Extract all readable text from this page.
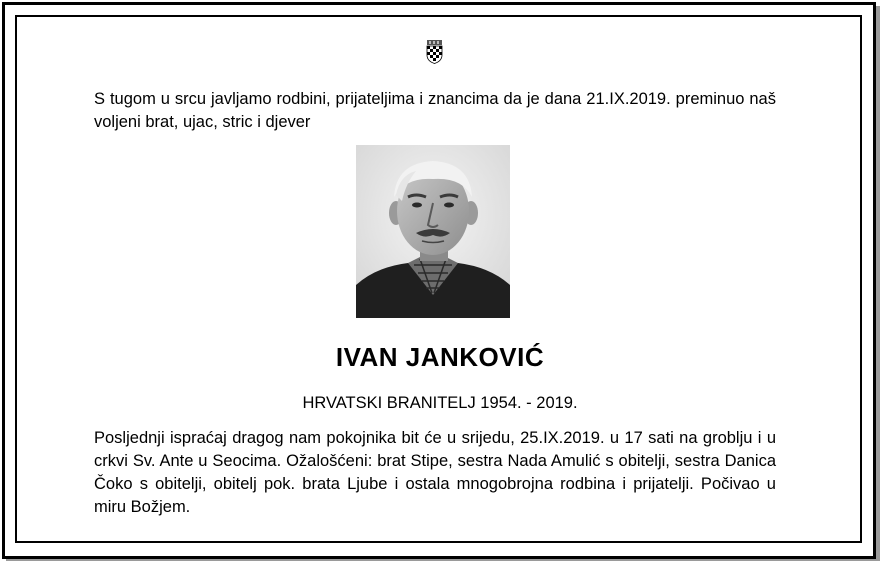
S tugom u srcu javljamo rodbini, prijateljima i znancima da je dana 21.IX.2019. preminuo naš voljeni brat, ujac, stric i djever
IVAN JANKOVIĆ
HRVATSKI BRANITELJ 1954. - 2019.
Posljednji ispraćaj dragog nam pokojnika bit će u srijedu, 25.IX.2019. u 17 sati na groblju i u crkvi Sv. Ante u Seocima. Ožalošćeni: brat Stipe, sestra Nada Amulić s obitelji, sestra Danica Čoko s obitelji, obitelj pok. brata Ljube i ostala mnogobrojna rodbina i prijatelji. Počivao u miru Božjem.
